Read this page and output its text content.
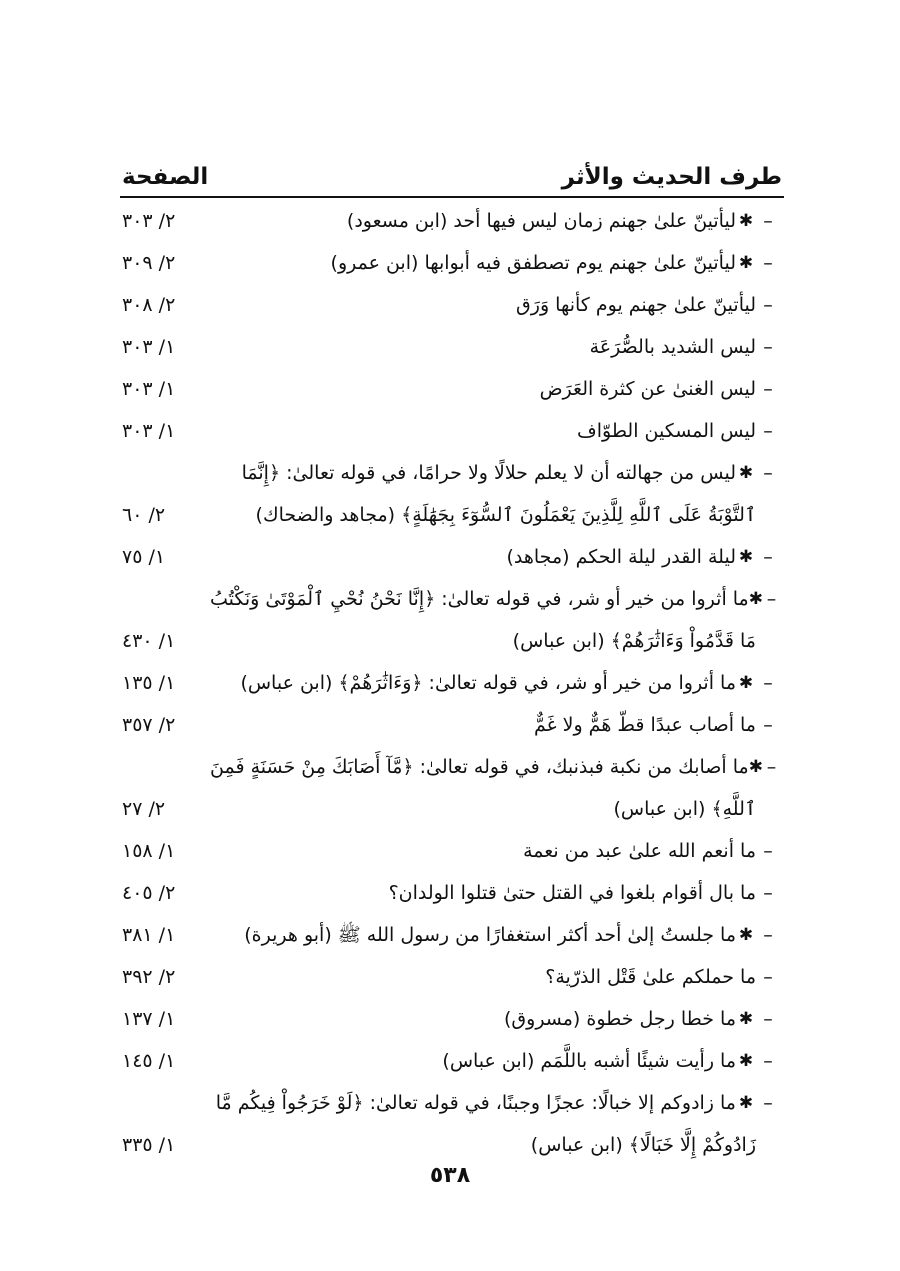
طرف الحديث والأثر
الصفحة
–
✱
ليأتينّ علىٰ جهنم زمان ليس فيها أحد (ابن مسعود)
٢/ ٣٠٣
–
✱
ليأتينّ علىٰ جهنم يوم تصطفق فيه أبوابها (ابن عمرو)
٢/ ٣٠٩
–
ليأتينّ علىٰ جهنم يوم كأنها وَرَق
٢/ ٣٠٨
–
ليس الشديد بالصُّرَعَة
١/ ٣٠٣
–
ليس الغنىٰ عن كثرة العَرَض
١/ ٣٠٣
–
ليس المسكين الطوّاف
١/ ٣٠٣
–
✱
ليس من جهالته أن لا يعلم حلالًا ولا حرامًا، في قوله تعالىٰ: ﴿إِنَّمَا
ٱلتَّوْبَةُ عَلَى ٱللَّهِ لِلَّذِينَ يَعْمَلُونَ ٱلسُّوٓءَ بِجَهَٰلَةٍ﴾ (مجاهد والضحاك)
٢/ ٦٠
–
✱
ليلة القدر ليلة الحكم (مجاهد)
١/ ٧٥
–
✱
ما أثروا من خير أو شر، في قوله تعالىٰ: ﴿إِنَّا نَحْنُ نُحْيِ ٱلْمَوْتَىٰ وَنَكْتُبُ
مَا قَدَّمُواْ وَءَاثَٰرَهُمْ﴾ (ابن عباس)
١/ ٤٣٠
–
✱
ما أثروا من خير أو شر، في قوله تعالىٰ: ﴿وَءَاثَٰرَهُمْ﴾ (ابن عباس)
١/ ١٣٥
–
ما أصاب عبدًا قطّ هَمٌّ ولا غَمٌّ
٢/ ٣٥٧
–
✱
ما أصابك من نكبة فبذنبك، في قوله تعالىٰ: ﴿مَّآ أَصَابَكَ مِنْ حَسَنَةٍ فَمِنَ
ٱللَّهِ﴾ (ابن عباس)
٢/ ٢٧
–
ما أنعم الله علىٰ عبد من نعمة
١/ ١٥٨
–
ما بال أقوام بلغوا في القتل حتىٰ قتلوا الولدان؟
٢/ ٤٠٥
–
✱
ما جلستُ إلىٰ أحد أكثر استغفارًا من رسول الله ﷺ (أبو هريرة)
١/ ٣٨١
–
ما حملكم علىٰ قَتْل الذرّية؟
٢/ ٣٩٢
–
✱
ما خطا رجل خطوة (مسروق)
١/ ١٣٧
–
✱
ما رأيت شيئًا أشبه باللَّمَم (ابن عباس)
١/ ١٤٥
–
✱
ما زادوكم إلا خبالًا: عجزًا وجبنًا، في قوله تعالىٰ: ﴿لَوْ خَرَجُواْ فِيكُم مَّا
زَادُوكُمْ إِلَّا خَبَالًا﴾ (ابن عباس)
١/ ٣٣٥
٥٣٨
